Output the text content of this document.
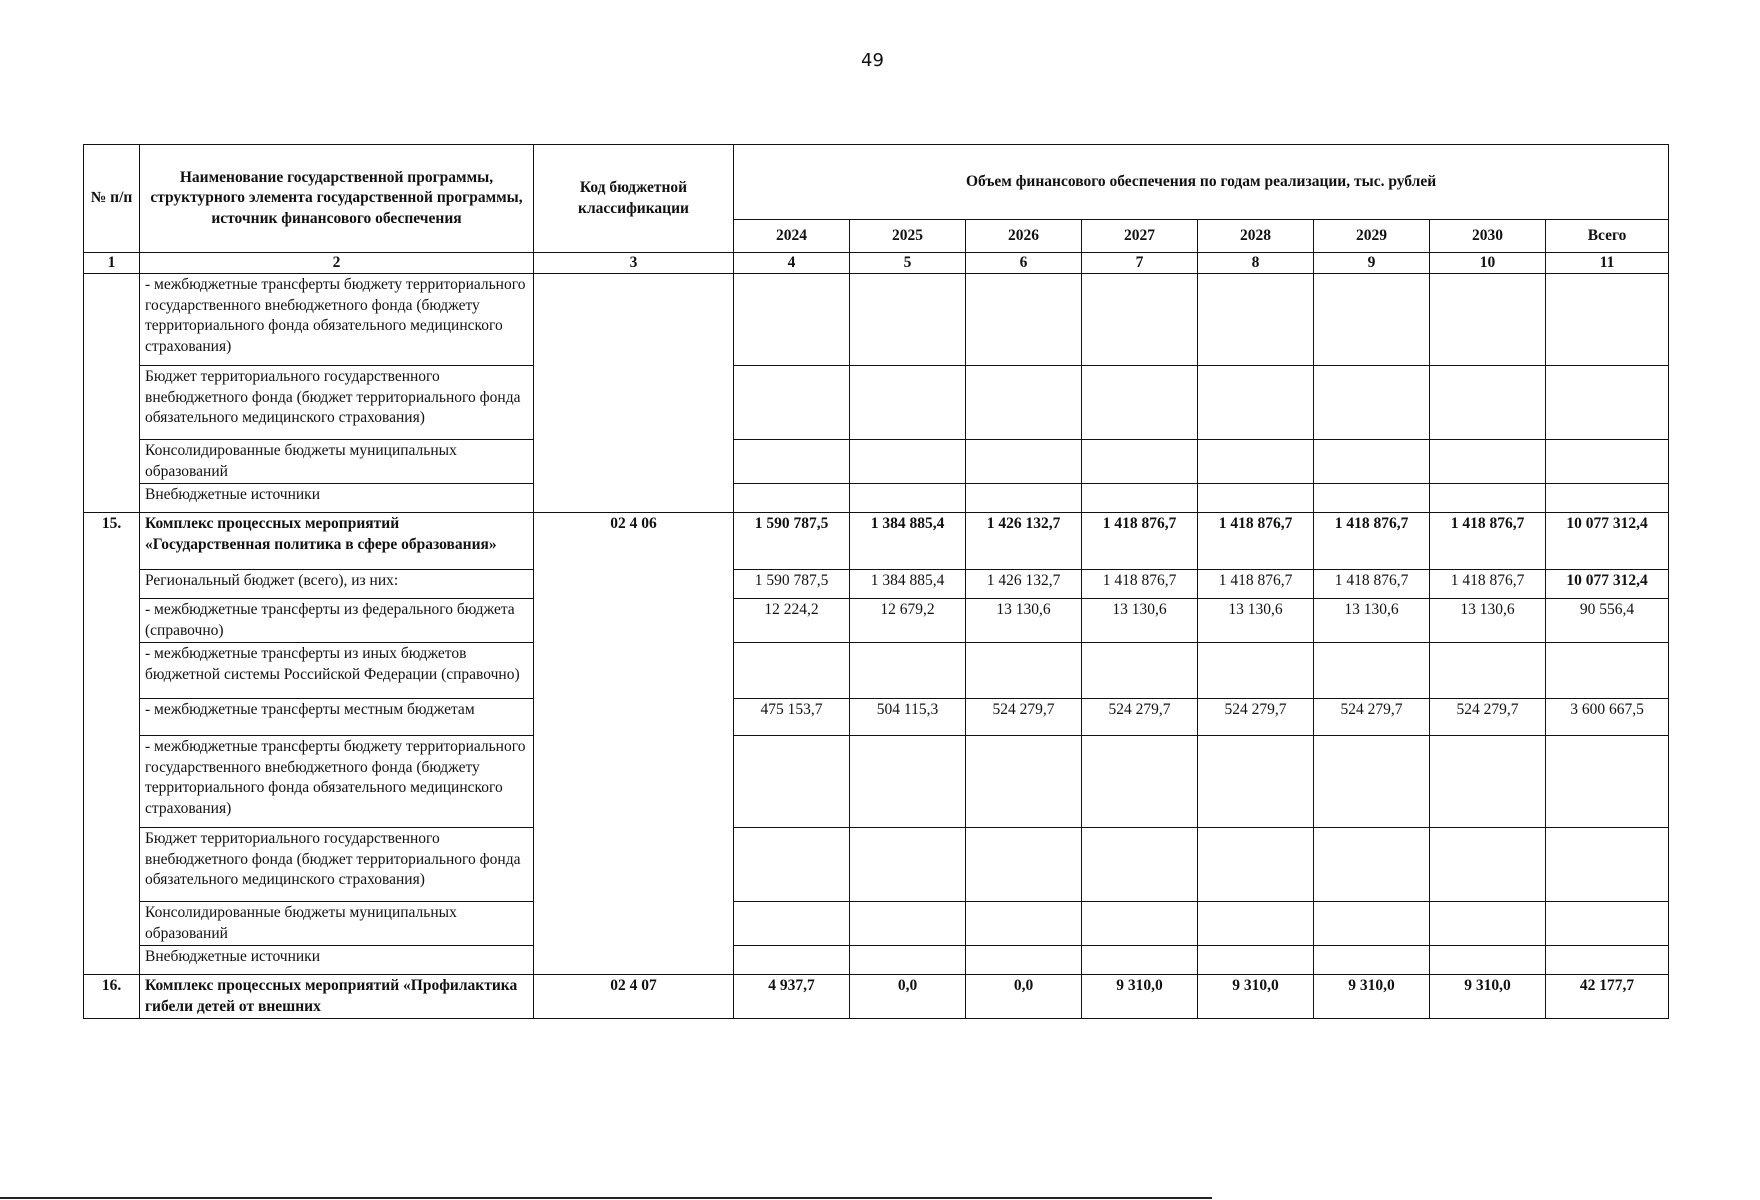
49
№ п/п	Наименование государственной программы, структурного элемента государственной программы, источник финансового обеспечения	Код бюджетной классификации	Объем финансового обеспечения по годам реализации, тыс. рублей							
			2024	2025	2026	2027	2028	2029	2030	Всего
1	2	3	4	5	6	7	8	9	10	11
	- межбюджетные трансферты бюджету территориального государственного внебюджетного фонда (бюджету территориального фонда обязательного медицинского страхования)									
	Бюджет территориального государственного внебюджетного фонда (бюджет территориального фонда обязательного медицинского страхования)									
	Консолидированные бюджеты муниципальных образований									
	Внебюджетные источники									
15.	Комплекс процессных мероприятий «Государственная политика в сфере образования»	02 4 06	1 590 787,5	1 384 885,4	1 426 132,7	1 418 876,7	1 418 876,7	1 418 876,7	1 418 876,7	10 077 312,4
	Региональный бюджет (всего), из них:		1 590 787,5	1 384 885,4	1 426 132,7	1 418 876,7	1 418 876,7	1 418 876,7	1 418 876,7	10 077 312,4
	- межбюджетные трансферты из федерального бюджета (справочно)		12 224,2	12 679,2	13 130,6	13 130,6	13 130,6	13 130,6	13 130,6	90 556,4
	- межбюджетные трансферты из иных бюджетов бюджетной системы Российской Федерации (справочно)									
	- межбюджетные трансферты местным бюджетам		475 153,7	504 115,3	524 279,7	524 279,7	524 279,7	524 279,7	524 279,7	3 600 667,5
	- межбюджетные трансферты бюджету территориального государственного внебюджетного фонда (бюджету территориального фонда обязательного медицинского страхования)									
	Бюджет территориального государственного внебюджетного фонда (бюджет территориального фонда обязательного медицинского страхования)									
	Консолидированные бюджеты муниципальных образований									
	Внебюджетные источники									
16.	Комплекс процессных мероприятий «Профилактика гибели детей от внешних	02 4 07	4 937,7	0,0	0,0	9 310,0	9 310,0	9 310,0	9 310,0	42 177,7
